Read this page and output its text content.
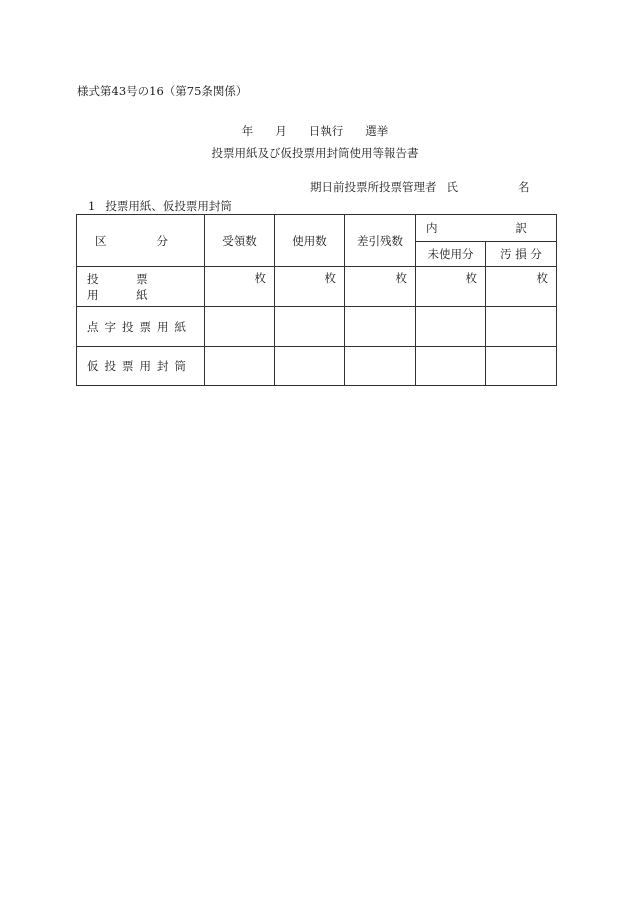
様式第43号の16（第75条関係）
年 月 日執行 選挙
投票用紙及び仮投票用封筒使用等報告書
期日前投票所投票管理者 氏	名
1 投票用紙、仮投票用封筒
区 分	受領数	使用数	差引残数	内 訳	
				未使用分	汚 損 分
投 票 用 紙	枚	枚	枚	枚	枚
点字投票用紙					
仮投票用封筒					
